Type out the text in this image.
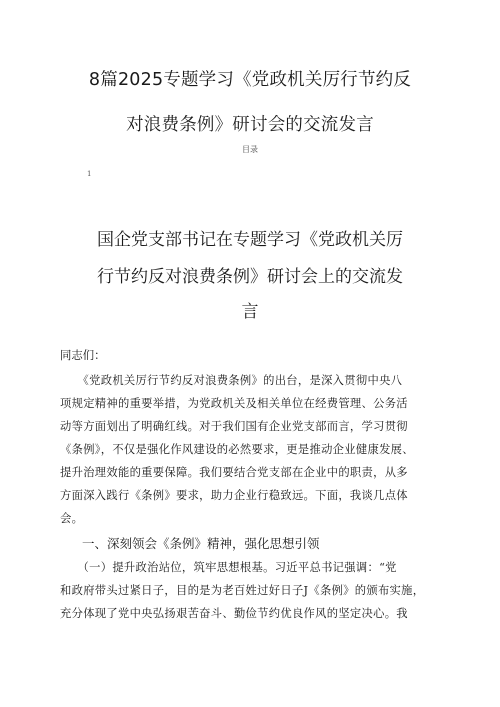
8篇2025专题学习《党政机关厉行节约反
对浪费条例》研讨会的交流发言
目录
1
国企党支部书记在专题学习《党政机关厉
行节约反对浪费条例》研讨会上的交流发
言
同志们：
　　《党政机关厉行节约反对浪费条例》的出台，是深入贯彻中央八
项规定精神的重要举措，为党政机关及相关单位在经费管理、公务活
动等方面划出了明确红线。对于我们国有企业党支部而言，学习贯彻
《条例》，不仅是强化作风建设的必然要求，更是推动企业健康发展、
提升治理效能的重要保障。我们要结合党支部在企业中的职责，从多
方面深入践行《条例》要求，助力企业行稳致远。下面，我谈几点体
会。
一、深刻领会《条例》精神，强化思想引领
　　（一）提升政治站位，筑牢思想根基。习近平总书记强调：“党
和政府带头过紧日子，目的是为老百姓过好日子J《条例》的颁布实施，
充分体现了党中央弘扬艰苦奋斗、勤俭节约优良作风的坚定决心。我
